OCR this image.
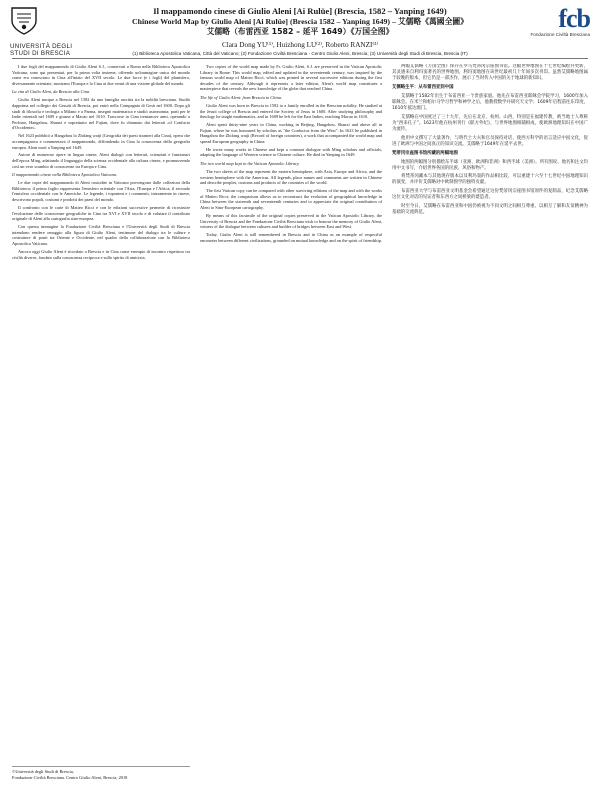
UNIVERSITÀ DEGLI STUDI DI BRESCIA
fcb
Fondazione Civiltà Bresciana
Il mappamondo cinese di Giulio Aleni [Ai Rulüe] (Brescia, 1582 – Yanping 1649)
Chinese World Map by Giulio Aleni [Ai Rulüe] (Brescia 1582 – Yanping 1649) – 艾儒略《萬國全圖》
艾儒略（布雷西亚 1582 – 延平 1649）《万国全图》
Clara Dong YU⁽¹⁾, Huizhong LU⁽²⁾, Roberto RANZI⁽³⁾
(1) Biblioteca Apostolica Vaticana, Città del Vaticano; (2) Fondazione Civiltà Bresciana - Centro Giulio Aleni, Brescia; (3) Università degli Studi di Brescia, Brescia (IT)

I due fogli del mappamondo di Giulio Aleni S.J., conservati a Roma nella Biblioteca Apostolica Vaticana, sono qui presentati, per la prima volta insieme, offrendo un'immagine unica del mondo come era conosciuto in Cina all'inizio del XVII secolo. Le due facce (e i fogli) del planisfero, diversamente orientate, mostrano l'Europa e la Cina ai due centri di una visione globale del mondo.

La vita di Giulio Aleni, da Brescia alla Cina.

Giulio Aleni nacque a Brescia nel 1582 da una famiglia ascritta tra la nobiltà bresciana. Studiò dapprima nel collegio dei Gesuiti di Brescia, poi entrò nella Compagnia di Gesù nel 1600. Dopo gli studi di filosofia e teologia a Milano e a Parma, insegnò matematica e studiò astronomia; partì per le Indie orientali nel 1609 e giunse a Macao nel 1610. Trascorse in Cina trentanove anni, operando a Pechino, Hangzhou, Shanxi e soprattutto nel Fujian, dove fu chiamato dai letterati «il Confucio d'Occidente».

Nel 1623 pubblicò a Hangzhou lo Zhifang waiji (Geografia dei paesi stranieri alla Cina), opera che accompagnava e commentava il mappamondo, diffondendo in Cina la conoscenza della geografia europea. Aleni morì a Yanping nel 1649.

Autore di numerose opere in lingua cinese, Aleni dialogò con letterati, scienziati e funzionari dell'epoca Ming, adattando il linguaggio della scienza occidentale alla cultura cinese, e promuovendo così un vero scambio di conoscenze tra Europa e Cina.

Il mappamondo cinese nella Biblioteca Apostolica Vaticana.

Le due copie del mappamondo di Aleni custodite in Vaticano provengono dalle collezioni della Biblioteca; il primo foglio rappresenta l'emisfero orientale con l'Asia, l'Europa e l'Africa, il secondo l'emisfero occidentale con le Americhe. Le legende, i toponimi e i commenti, interamente in cinese, descrivono popoli, costumi e prodotti dei paesi del mondo.

Il confronto con le carte di Matteo Ricci e con le edizioni successive permette di ricostruire l'evoluzione delle conoscenze geografiche in Cina tra XVI e XVII secolo e di valutare il contributo originale di Aleni alla cartografia sino-europea.

Con questa immagine la Fondazione Civiltà Bresciana e l'Università degli Studi di Brescia intendono rendere omaggio alla figura di Giulio Aleni, testimone del dialogo tra le culture e costruttore di ponti tra Oriente e Occidente, nel quadro della collaborazione con la Biblioteca Apostolica Vaticana.

Ancora oggi Giulio Aleni è ricordato a Brescia e in Cina come esempio di incontro rispettoso tra civiltà diverse, fondato sulla conoscenza reciproca e sullo spirito di amicizia.

Two copies of the world map made by Fr. Giulio Aleni, S.J. are preserved in the Vatican Apostolic Library in Rome. This world map, edited and updated in the seventeenth century, was inspired by the famous world map of Matteo Ricci, which was printed in several successive editions during the first decades of the century. Although it represents a later edition, Aleni's world map constitutes a masterpiece that reveals the new knowledge of the globe that reached China.

The life of Giulio Aleni: from Brescia to China.

Giulio Aleni was born in Brescia in 1582 to a family enrolled in the Brescian nobility. He studied at the Jesuit college of Brescia and entered the Society of Jesus in 1600. After studying philosophy and theology he taught mathematics, and in 1609 he left for the East Indies, reaching Macao in 1610.

Aleni spent thirty-nine years in China, working in Beijing, Hangzhou, Shanxi and above all in Fujian, where he was honoured by scholars as "the Confucius from the West". In 1623 he published in Hangzhou the Zhifang waiji (Record of foreign countries), a work that accompanied the world map and spread European geography in China.

He wrote many works in Chinese and kept a constant dialogue with Ming scholars and officials, adapting the language of Western science to Chinese culture. He died in Yanping in 1649.

The two world map kept in the Vatican Apostolic Library.

The two sheets of the map represent the eastern hemisphere, with Asia, Europe and Africa, and the western hemisphere with the Americas. All legends, place names and comments are written in Chinese and describe peoples, customs and products of the countries of the world.

The first Vatican copy can be compared with other surviving editions of the map and with the works of Matteo Ricci; the comparison allows us to reconstruct the evolution of geographical knowledge in China between the sixteenth and seventeenth centuries and to appreciate the original contribution of Aleni to Sino-European cartography.

By means of this facsimile of the original copies preserved in the Vatican Apostolic Library, the University of Brescia and the Fondazione Civiltà Bresciana wish to honour the memory of Giulio Aleni, witness of the dialogue between cultures and builder of bridges between East and West.

Today, Giulio Aleni is still remembered in Brescia and in China as an example of respectful encounter between different civilizations, grounded on mutual knowledge and on the spirit of friendship.

两幅艾儒略《万国全图》保存在罗马梵蒂冈宗座图书馆。这幅世界地图在十七世纪编绘并更新，其灵感来自利玛窦著名的世界地图，利玛窦地图在该世纪最初几十年间多次刊印。虽然艾儒略地图属于较晚的版本，但它仍是一部杰作，展示了当时传入中国的关于地球的新知识。

艾儒略生平：从布雷西亚到中国

艾儒略于1582年出生于布雷西亚一个贵族家庭。他先在布雷西亚耶稣会学院学习，1600年加入耶稣会。在米兰和帕尔马学习哲学和神学之后，他教授数学并研究天文学；1609年启程前往东印度，1610年抵达澳门。

艾儒略在中国度过了三十九年，先后在北京、杭州、山西，特别是在福建传教，被当地士人尊称为“西来孔子”。1623年他在杭州刊行《职方外纪》，与世界地图相辅相成，使欧洲地理知识在中国广为流传。

他用中文撰写了大量著作，与明代士大夫和官员保持对话，使西方科学的语言适应中国文化，促进了欧洲与中国之间真正的知识交流。艾儒略于1649年在延平去世。

梵蒂冈宗座图书馆所藏的两幅地图

地图的两幅图分别描绘东半球（亚洲、欧洲和非洲）和西半球（美洲）。所有图说、地名和注文均用中文书写，介绍世界各国的民族、风俗和物产。

将梵蒂冈藏本与其他现存版本以及利玛窦的作品相比较，可以重建十六至十七世纪中国地理知识的演变，并评价艾儒略对中欧制图学的独特贡献。

布雷西亚大学与布雷西亚文明基金会希望通过这份梵蒂冈宗座图书馆原件的复制品，纪念艾儒略这位文化对话的见证者和东西方之间桥梁的建造者。

时至今日，艾儒略在布雷西亚和中国仍被视为不同文明之间相互尊重、以相互了解和友谊精神为基础的交流典范。

©Università degli Studi di Brescia,
Fondazione Civiltà Bresciana. Centro Giulio Aleni, Brescia, 2018
